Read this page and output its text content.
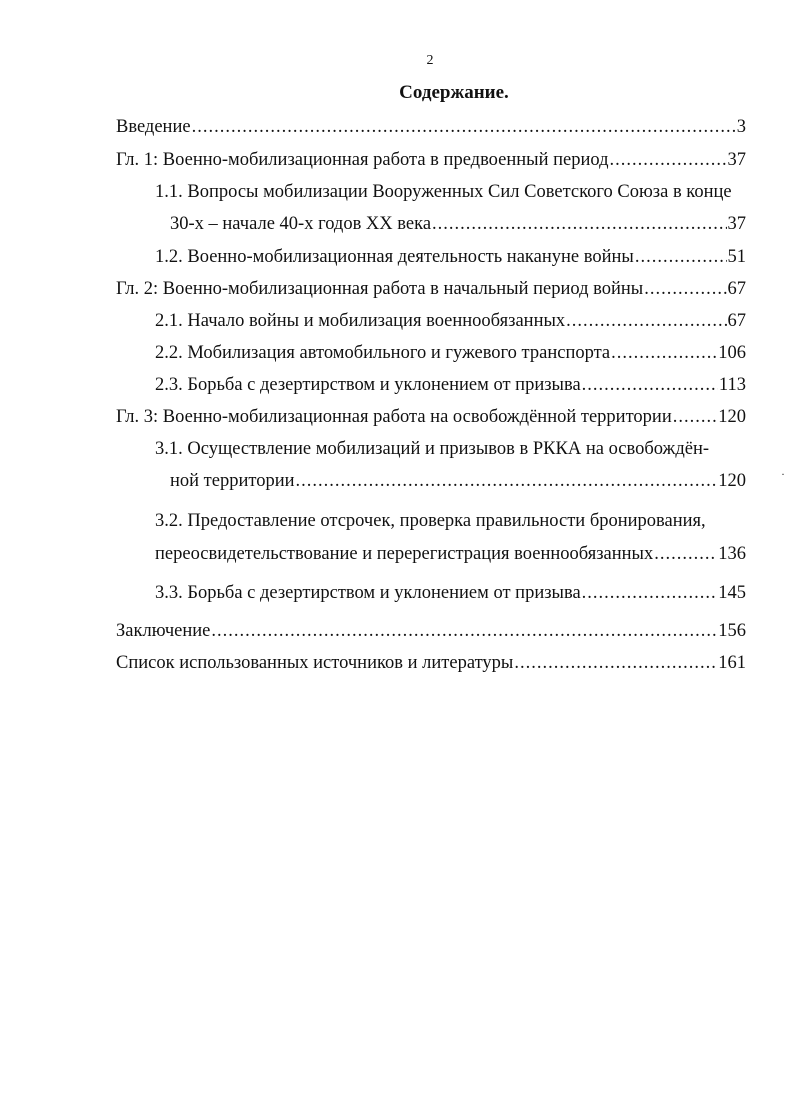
2
Содержание.
Введение .....	3
Гл. 1: Военно-мобилизационная работа в предвоенный период .....	37
1.1. Вопросы мобилизации Вооруженных Сил Советского Союза в конце
30-х – начале 40-х годов XX века .....	37
1.2. Военно-мобилизационная деятельность накануне войны .....	51
Гл. 2: Военно-мобилизационная работа в начальный период войны .....	67
2.1. Начало войны и мобилизация военнообязанных .....	67
2.2. Мобилизация автомобильного и гужевого транспорта .....	106
2.3. Борьба с дезертирством и уклонением от призыва .....	113
Гл. 3: Военно-мобилизационная работа на освобождённой территории .....	120
3.1. Осуществление мобилизаций и призывов в РККА на освобождён-
ной территории .....	120	·
3.2. Предоставление отсрочек, проверка правильности бронирования,
переосвидетельствование и перерегистрация военнообязанных .....	136
3.3. Борьба с дезертирством и уклонением от призыва .....	145
Заключение .....	156
Список использованных источников и литературы .....	161
